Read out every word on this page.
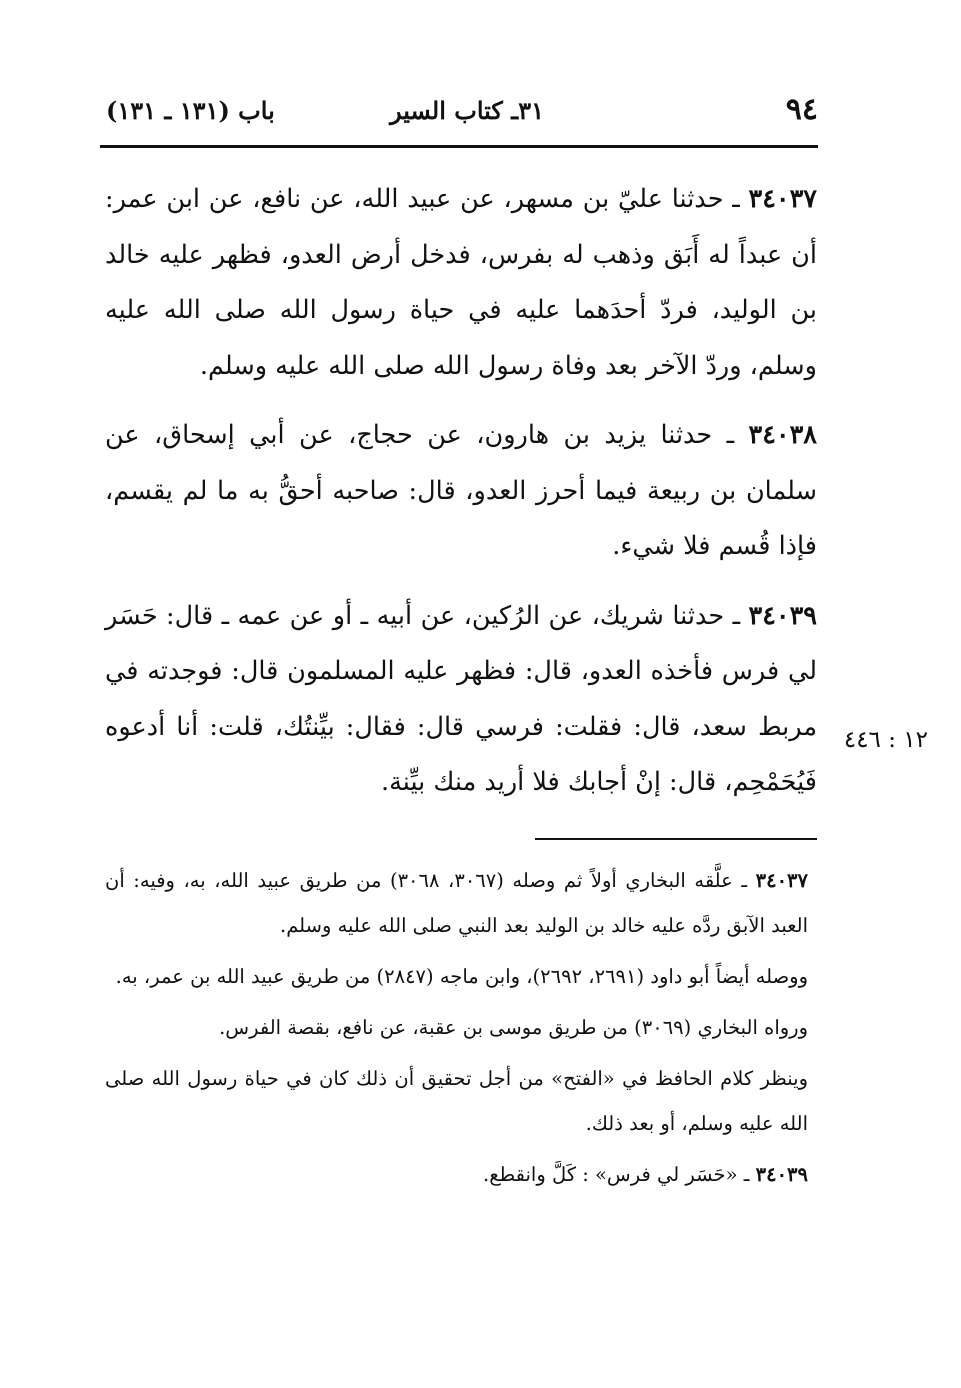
٩٤
٣١ـ كتاب السير
باب (١٣١ ـ ١٣١)

٣٤٠٣٧ ـ حدثنا عليّ بن مسهر، عن عبيد الله، عن نافع، عن ابن عمر: أن عبداً له أَبَق وذهب له بفرس، فدخل أرض العدو، فظهر عليه خالد بن الوليد، فردّ أحدَهما عليه في حياة رسول الله صلى الله عليه وسلم، وردّ الآخر بعد وفاة رسول الله صلى الله عليه وسلم.

٣٤٠٣٨ ـ حدثنا يزيد بن هارون، عن حجاج، عن أبي إسحاق، عن سلمان بن ربيعة فيما أحرز العدو، قال: صاحبه أحقُّ به ما لم يقسم، فإذا قُسم فلا شيء.

٣٤٠٣٩ ـ حدثنا شريك، عن الرُكين، عن أبيه ـ أو عن عمه ـ قال: حَسَر لي فرس فأخذه العدو، قال: فظهر عليه المسلمون قال: فوجدته في مربط سعد، قال: فقلت: فرسي قال: فقال: بيِّنتُك، قلت: أنا أدعوه فَيُحَمْحِم، قال: إنْ أجابك فلا أريد منك بيِّنة.

١٢ : ٤٤٦

٣٤٠٣٧ ـ علَّقه البخاري أولاً ثم وصله (٣٠٦٧، ٣٠٦٨) من طريق عبيد الله، به، وفيه: أن العبد الآبق ردَّه عليه خالد بن الوليد بعد النبي صلى الله عليه وسلم.

ووصله أيضاً أبو داود (٢٦٩١، ٢٦٩٢)، وابن ماجه (٢٨٤٧) من طريق عبيد الله بن عمر، به.

ورواه البخاري (٣٠٦٩) من طريق موسى بن عقبة، عن نافع، بقصة الفرس.

وينظر كلام الحافظ في «الفتح» من أجل تحقيق أن ذلك كان في حياة رسول الله صلى الله عليه وسلم، أو بعد ذلك.

٣٤٠٣٩ ـ «حَسَر لي فرس» : كَلَّ وانقطع.
